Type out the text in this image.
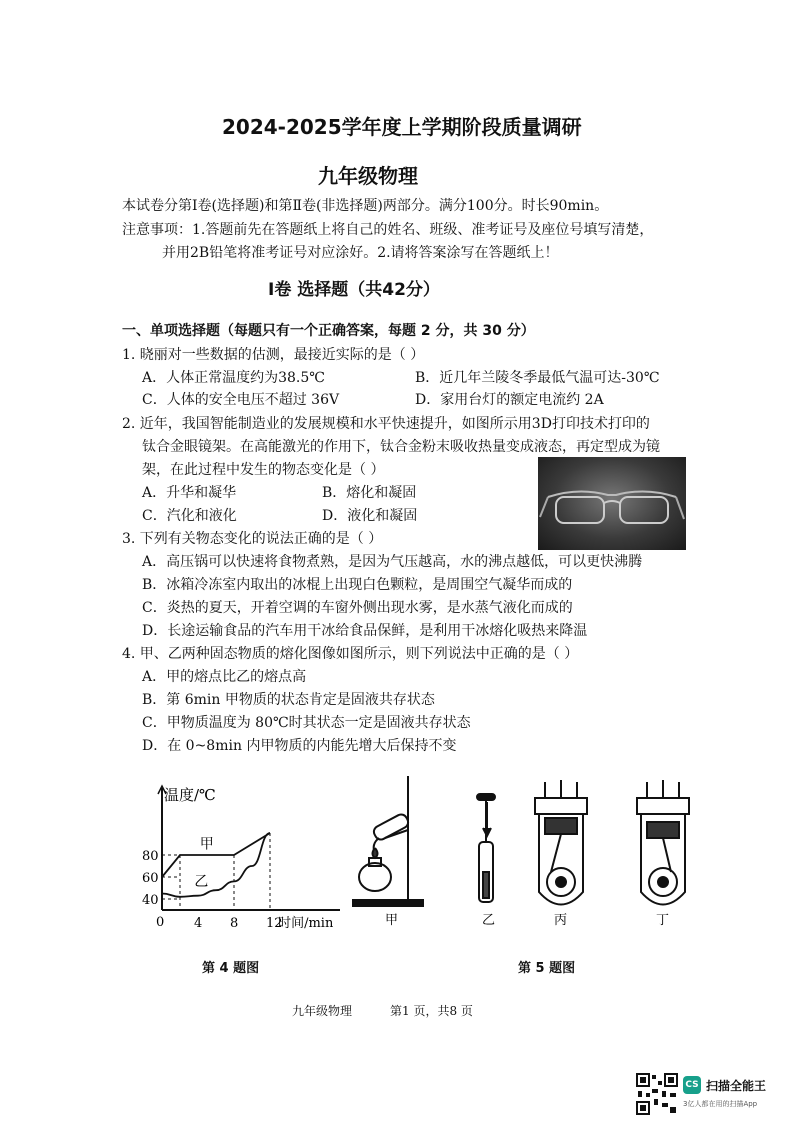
2024-2025学年度上学期阶段质量调研
九年级物理
本试卷分第Ⅰ卷(选择题)和第Ⅱ卷(非选择题)两部分。满分100分。时长90min。
注意事项：1.答题前先在答题纸上将自己的姓名、班级、准考证号及座位号填写清楚，
并用2B铅笔将准考证号对应涂好。2.请将答案涂写在答题纸上！
Ⅰ卷 选择题（共42分）
一、单项选择题（每题只有一个正确答案，每题 2 分，共 30 分）
1. 晓丽对一些数据的估测，最接近实际的是（ ）
A．人体正常温度约为38.5℃	B．近几年兰陵冬季最低气温可达-30℃
C．人体的安全电压不超过 36V	D．家用台灯的额定电流约 2A
2. 近年，我国智能制造业的发展规模和水平快速提升，如图所示用3D打印技术打印的
钛合金眼镜架。在高能激光的作用下，钛合金粉末吸收热量变成液态，再定型成为镜
架，在此过程中发生的物态变化是（ ）
A．升华和凝华	B．熔化和凝固
C．汽化和液化	D．液化和凝固
3. 下列有关物态变化的说法正确的是（ ）
A．高压锅可以快速将食物煮熟，是因为气压越高，水的沸点越低，可以更快沸腾
B．冰箱冷冻室内取出的冰棍上出现白色颗粒，是周围空气凝华而成的
C．炎热的夏天，开着空调的车窗外侧出现水雾，是水蒸气液化而成的
D．长途运输食品的汽车用干冰给食品保鲜，是利用干冰熔化吸热来降温
4. 甲、乙两种固态物质的熔化图像如图所示，则下列说法中正确的是（ ）
A．甲的熔点比乙的熔点高
B．第 6min 甲物质的状态肯定是固液共存状态
C．甲物质温度为 80℃时其状态一定是固液共存状态
D．在 0~8min 内甲物质的内能先增大后保持不变
40
60
80
4 8 12
温度/℃
时间/min
0
甲
乙
甲	乙	丙	丁
第 4 题图	第 5 题图
九年级物理	第1 页，共8 页
CS 扫描全能王
3亿人都在用的扫描App
